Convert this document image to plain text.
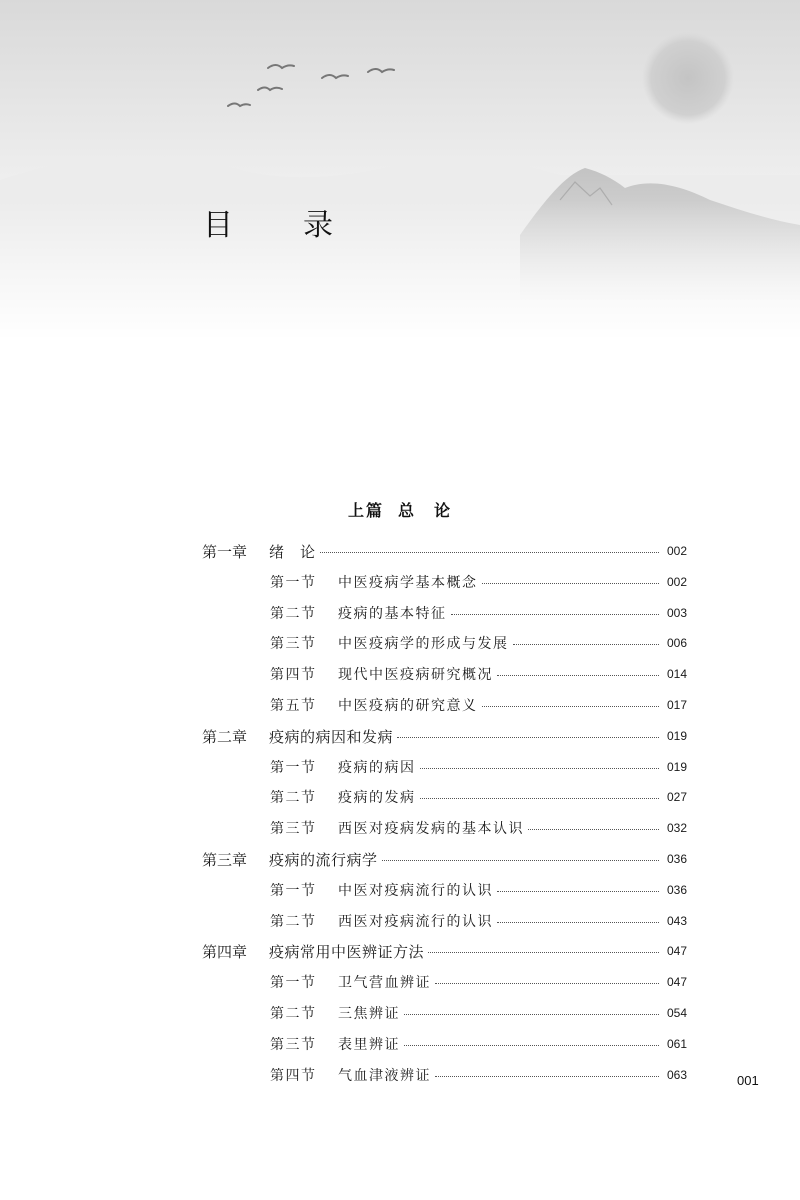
目　录
上篇 总　论
第一章	绪　论	002
第一节	中医疫病学基本概念	002
第二节	疫病的基本特征	003
第三节	中医疫病学的形成与发展	006
第四节	现代中医疫病研究概况	014
第五节	中医疫病的研究意义	017
第二章	疫病的病因和发病	019
第一节	疫病的病因	019
第二节	疫病的发病	027
第三节	西医对疫病发病的基本认识	032
第三章	疫病的流行病学	036
第一节	中医对疫病流行的认识	036
第二节	西医对疫病流行的认识	043
第四章	疫病常用中医辨证方法	047
第一节	卫气营血辨证	047
第二节	三焦辨证	054
第三节	表里辨证	061
第四节	气血津液辨证	063	001
